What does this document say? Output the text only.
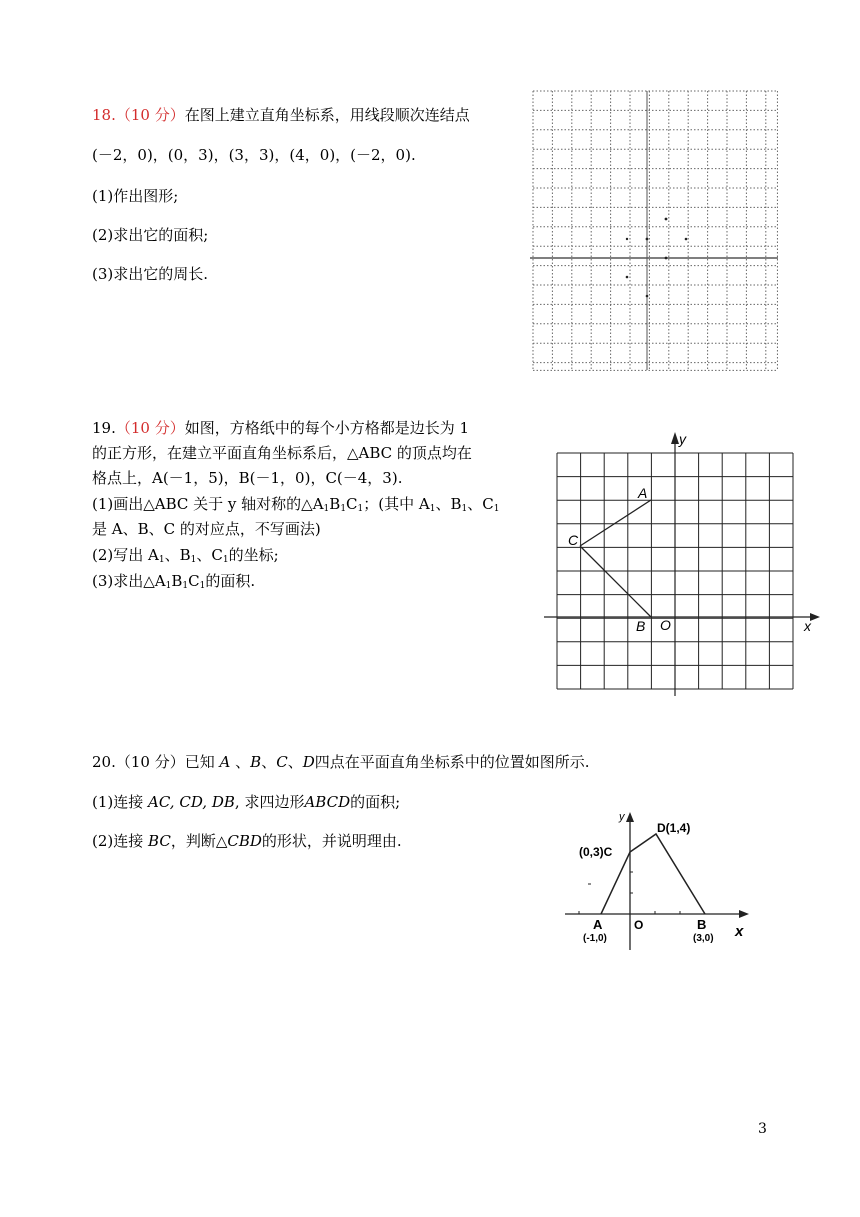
18.（10 分）在图上建立直角坐标系，用线段顺次连结点
(－2，0)，(0，3)，(3，3)，(4，0)，(－2，0).
(1)作出图形;
(2)求出它的面积;
(3)求出它的周长.
19.（10 分）如图，方格纸中的每个小方格都是边长为 1
的正方形，在建立平面直角坐标系后，△ABC 的顶点均在
格点上，A(－1，5)，B(－1，0)，C(－4，3).
(1)画出△ABC 关于 y 轴对称的$\triangle A_1B_1C_1$；(其中 $A_1$、$B_1$、$C_1$
是 A、B、C 的对应点，不写画法)
(2)写出 $A_1$、$B_1$、$C_1$的坐标;
(3)求出$\triangle A_1B_1C_1$的面积.
A
C
B O	x
y
20.（10 分）已知 A 、B、C、D四点在平面直角坐标系中的位置如图所示.
(1)连接 AC, CD, DB, 求四边形ABCD的面积;
(2)连接 BC，判断△CBD的形状，并说明理由.
y
x
O
(0,3)C
D(1,4)
A
(-1,0)
B
(3,0)
3
